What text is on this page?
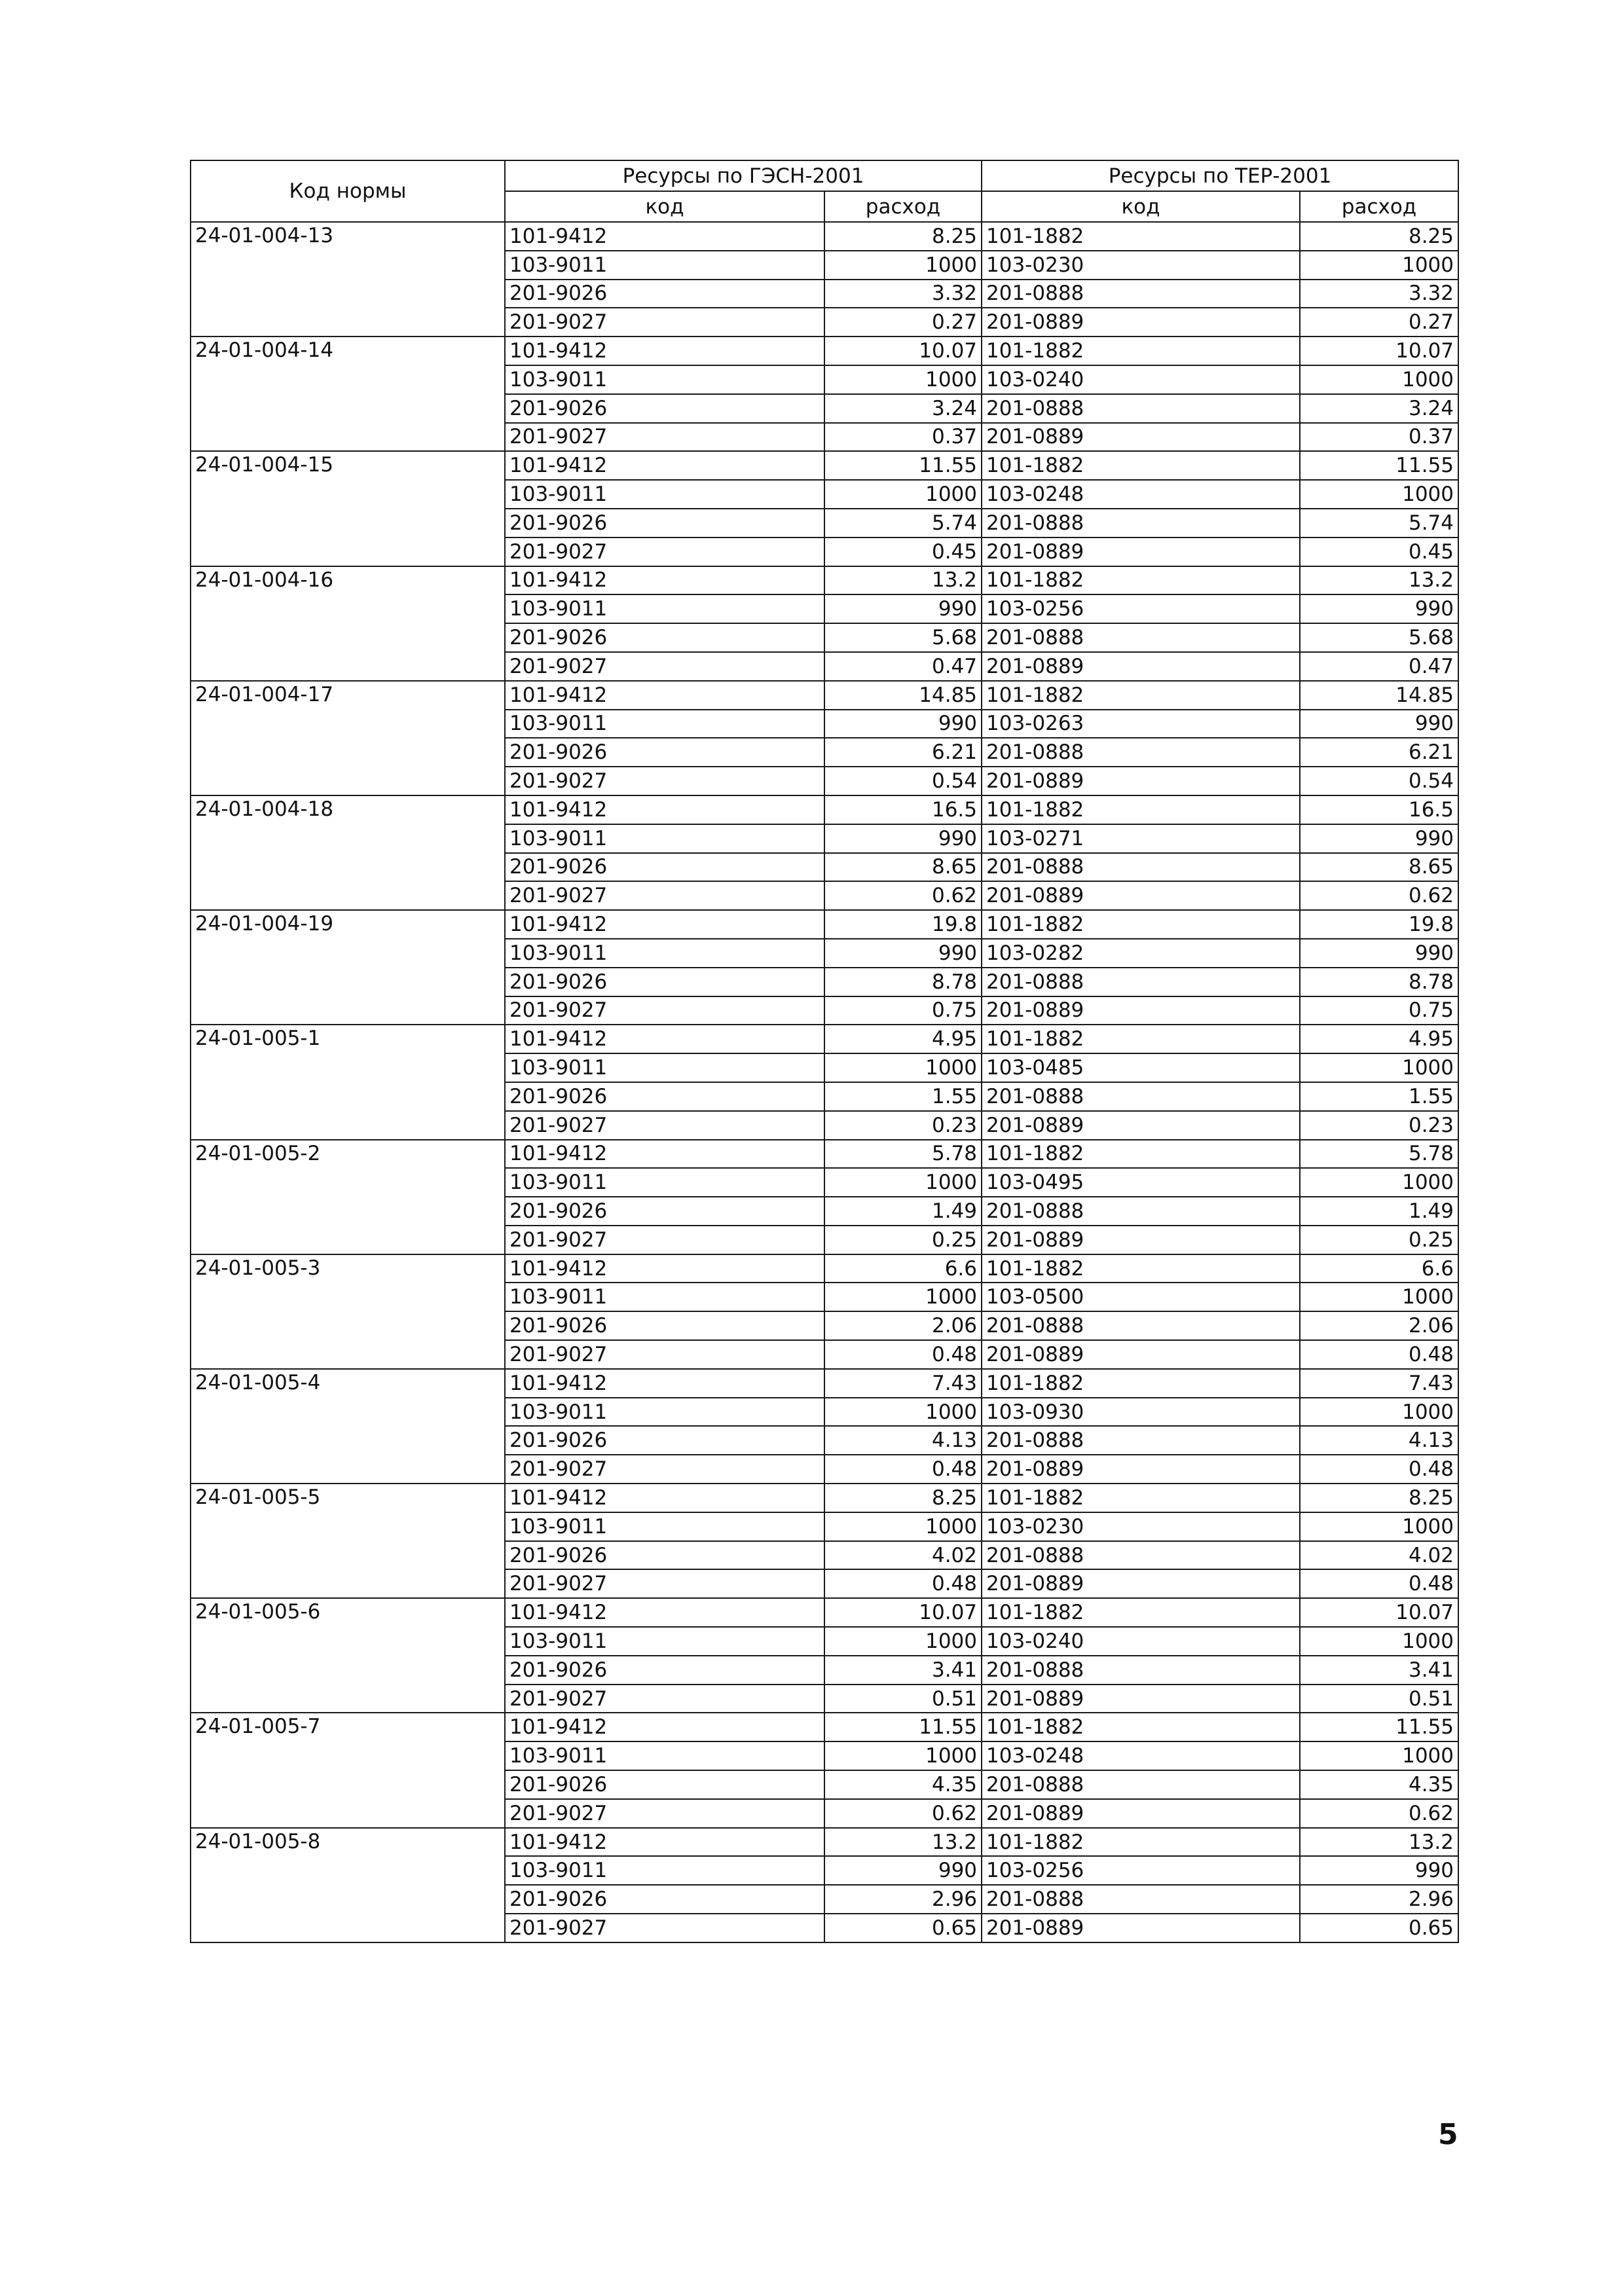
Код нормы	Ресурсы по ГЭСН-2001		Ресурсы по ТЕР-2001	
	код	расход	код	расход
24-01-004-13	101-9412	8.25	101-1882	8.25
	103-9011	1000	103-0230	1000
	201-9026	3.32	201-0888	3.32
	201-9027	0.27	201-0889	0.27
24-01-004-14	101-9412	10.07	101-1882	10.07
	103-9011	1000	103-0240	1000
	201-9026	3.24	201-0888	3.24
	201-9027	0.37	201-0889	0.37
24-01-004-15	101-9412	11.55	101-1882	11.55
	103-9011	1000	103-0248	1000
	201-9026	5.74	201-0888	5.74
	201-9027	0.45	201-0889	0.45
24-01-004-16	101-9412	13.2	101-1882	13.2
	103-9011	990	103-0256	990
	201-9026	5.68	201-0888	5.68
	201-9027	0.47	201-0889	0.47
24-01-004-17	101-9412	14.85	101-1882	14.85
	103-9011	990	103-0263	990
	201-9026	6.21	201-0888	6.21
	201-9027	0.54	201-0889	0.54
24-01-004-18	101-9412	16.5	101-1882	16.5
	103-9011	990	103-0271	990
	201-9026	8.65	201-0888	8.65
	201-9027	0.62	201-0889	0.62
24-01-004-19	101-9412	19.8	101-1882	19.8
	103-9011	990	103-0282	990
	201-9026	8.78	201-0888	8.78
	201-9027	0.75	201-0889	0.75
24-01-005-1	101-9412	4.95	101-1882	4.95
	103-9011	1000	103-0485	1000
	201-9026	1.55	201-0888	1.55
	201-9027	0.23	201-0889	0.23
24-01-005-2	101-9412	5.78	101-1882	5.78
	103-9011	1000	103-0495	1000
	201-9026	1.49	201-0888	1.49
	201-9027	0.25	201-0889	0.25
24-01-005-3	101-9412	6.6	101-1882	6.6
	103-9011	1000	103-0500	1000
	201-9026	2.06	201-0888	2.06
	201-9027	0.48	201-0889	0.48
24-01-005-4	101-9412	7.43	101-1882	7.43
	103-9011	1000	103-0930	1000
	201-9026	4.13	201-0888	4.13
	201-9027	0.48	201-0889	0.48
24-01-005-5	101-9412	8.25	101-1882	8.25
	103-9011	1000	103-0230	1000
	201-9026	4.02	201-0888	4.02
	201-9027	0.48	201-0889	0.48
24-01-005-6	101-9412	10.07	101-1882	10.07
	103-9011	1000	103-0240	1000
	201-9026	3.41	201-0888	3.41
	201-9027	0.51	201-0889	0.51
24-01-005-7	101-9412	11.55	101-1882	11.55
	103-9011	1000	103-0248	1000
	201-9026	4.35	201-0888	4.35
	201-9027	0.62	201-0889	0.62
24-01-005-8	101-9412	13.2	101-1882	13.2
	103-9011	990	103-0256	990
	201-9026	2.96	201-0888	2.96
	201-9027	0.65	201-0889	0.65
5
